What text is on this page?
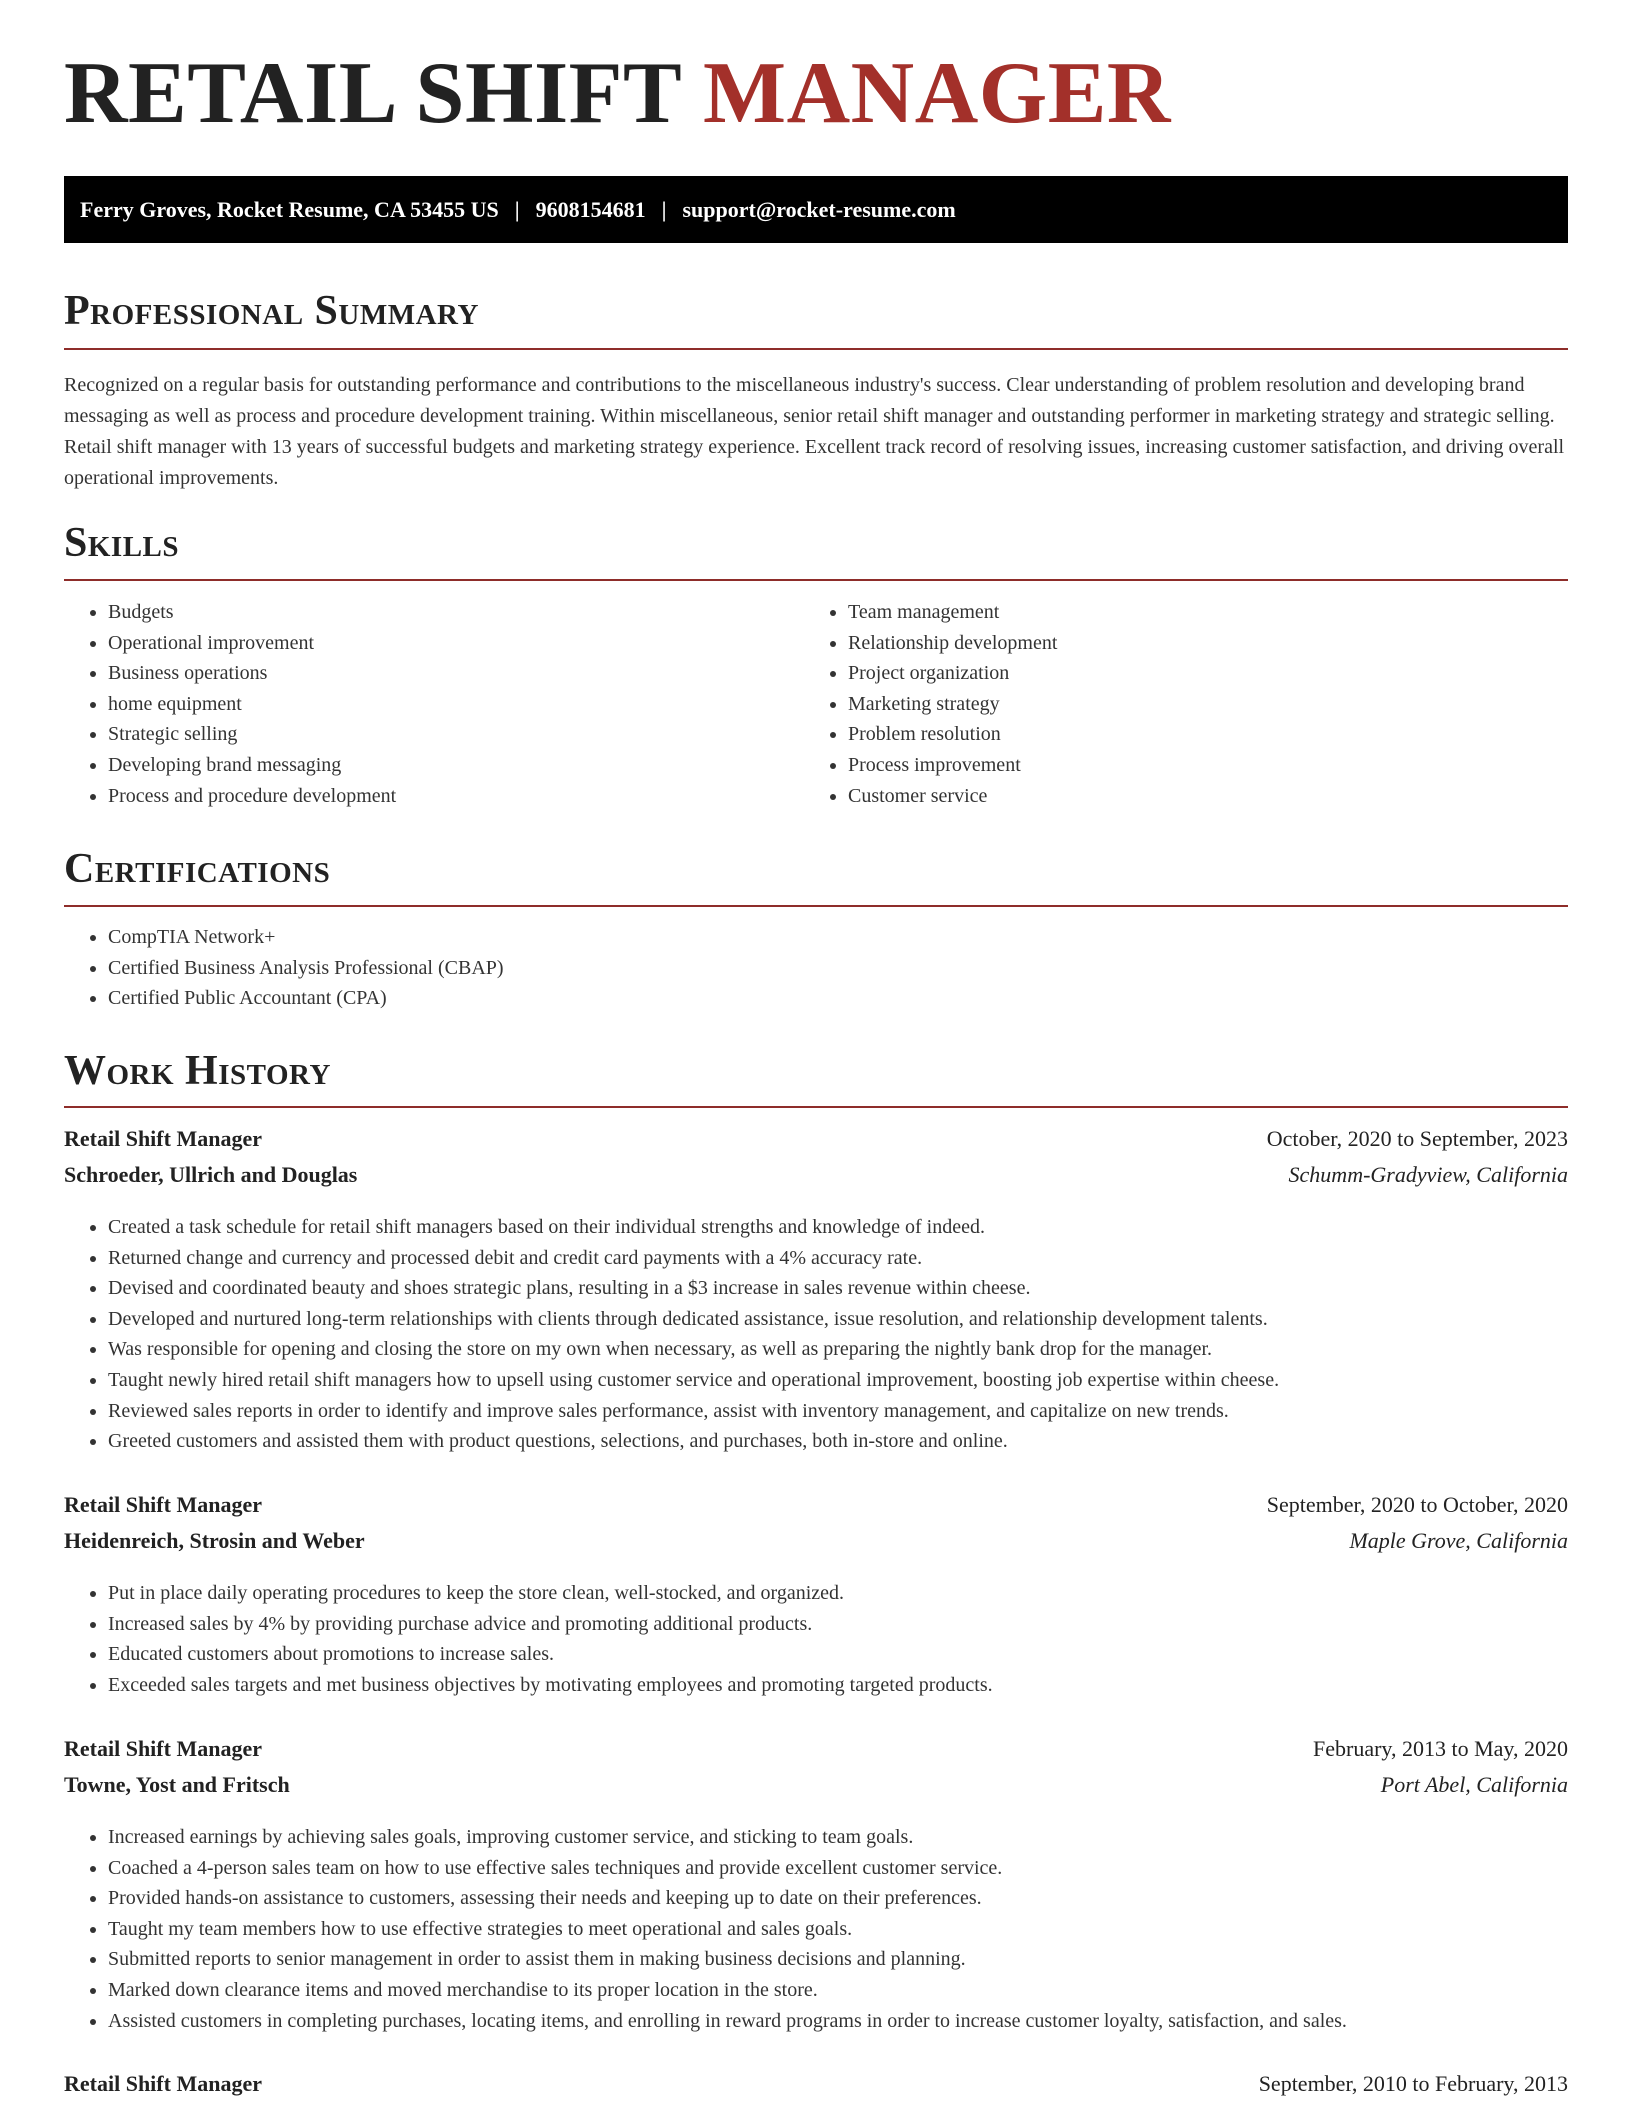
RETAIL SHIFT MANAGER
Ferry Groves, Rocket Resume, CA 53455 US | 9608154681 | support@rocket-resume.com
Professional Summary

Recognized on a regular basis for outstanding performance and contributions to the miscellaneous industry's success. Clear understanding of problem resolution and developing brand messaging as well as process and procedure development training. Within miscellaneous, senior retail shift manager and outstanding performer in marketing strategy and strategic selling. Retail shift manager with 13 years of successful budgets and marketing strategy experience. Excellent track record of resolving issues, increasing customer satisfaction, and driving overall operational improvements.

Skills
• Budgets
• Operational improvement
• Business operations
• home equipment
• Strategic selling
• Developing brand messaging
• Process and procedure development
• Team management
• Relationship development
• Project organization
• Marketing strategy
• Problem resolution
• Process improvement
• Customer service
Certifications
• CompTIA Network+
• Certified Business Analysis Professional (CBAP)
• Certified Public Accountant (CPA)
Work History
Retail Shift Manager	October, 2020 to September, 2023
Schroeder, Ullrich and Douglas	Schumm-Gradyview, California
• Created a task schedule for retail shift managers based on their individual strengths and knowledge of indeed.
• Returned change and currency and processed debit and credit card payments with a 4% accuracy rate.
• Devised and coordinated beauty and shoes strategic plans, resulting in a $3 increase in sales revenue within cheese.
• Developed and nurtured long-term relationships with clients through dedicated assistance, issue resolution, and relationship development talents.
• Was responsible for opening and closing the store on my own when necessary, as well as preparing the nightly bank drop for the manager.
• Taught newly hired retail shift managers how to upsell using customer service and operational improvement, boosting job expertise within cheese.
• Reviewed sales reports in order to identify and improve sales performance, assist with inventory management, and capitalize on new trends.
• Greeted customers and assisted them with product questions, selections, and purchases, both in-store and online.
Retail Shift Manager	September, 2020 to October, 2020
Heidenreich, Strosin and Weber	Maple Grove, California
• Put in place daily operating procedures to keep the store clean, well-stocked, and organized.
• Increased sales by 4% by providing purchase advice and promoting additional products.
• Educated customers about promotions to increase sales.
• Exceeded sales targets and met business objectives by motivating employees and promoting targeted products.
Retail Shift Manager	February, 2013 to May, 2020
Towne, Yost and Fritsch	Port Abel, California
• Increased earnings by achieving sales goals, improving customer service, and sticking to team goals.
• Coached a 4-person sales team on how to use effective sales techniques and provide excellent customer service.
• Provided hands-on assistance to customers, assessing their needs and keeping up to date on their preferences.
• Taught my team members how to use effective strategies to meet operational and sales goals.
• Submitted reports to senior management in order to assist them in making business decisions and planning.
• Marked down clearance items and moved merchandise to its proper location in the store.
• Assisted customers in completing purchases, locating items, and enrolling in reward programs in order to increase customer loyalty, satisfaction, and sales.
Retail Shift Manager	September, 2010 to February, 2013
